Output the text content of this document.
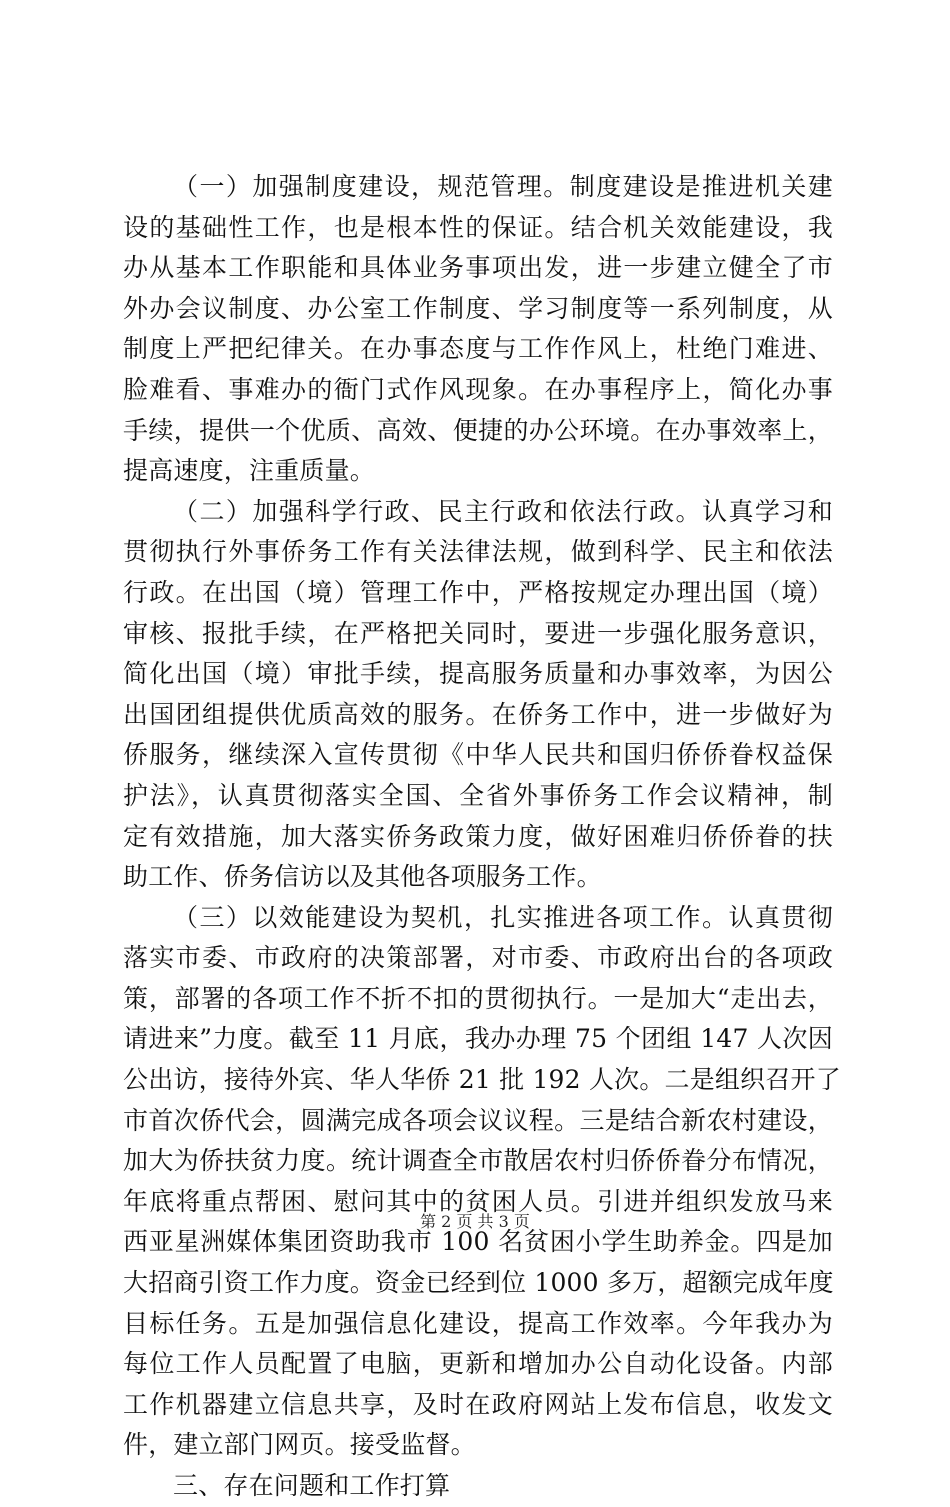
（一）加强制度建设，规范管理。制度建设是推进机关建
设的基础性工作，也是根本性的保证。结合机关效能建设，我
办从基本工作职能和具体业务事项出发，进一步建立健全了市
外办会议制度、办公室工作制度、学习制度等一系列制度，从
制度上严把纪律关。在办事态度与工作作风上，杜绝门难进、
脸难看、事难办的衙门式作风现象。在办事程序上，简化办事
手续，提供一个优质、高效、便捷的办公环境。在办事效率上，
提高速度，注重质量。
（二）加强科学行政、民主行政和依法行政。认真学习和
贯彻执行外事侨务工作有关法律法规，做到科学、民主和依法
行政。在出国（境）管理工作中，严格按规定办理出国（境）
审核、报批手续，在严格把关同时，要进一步强化服务意识，
简化出国（境）审批手续，提高服务质量和办事效率，为因公
出国团组提供优质高效的服务。在侨务工作中，进一步做好为
侨服务，继续深入宣传贯彻《中华人民共和国归侨侨眷权益保
护法》，认真贯彻落实全国、全省外事侨务工作会议精神，制
定有效措施，加大落实侨务政策力度，做好困难归侨侨眷的扶
助工作、侨务信访以及其他各项服务工作。
（三）以效能建设为契机，扎实推进各项工作。认真贯彻
落实市委、市政府的决策部署，对市委、市政府出台的各项政
策，部署的各项工作不折不扣的贯彻执行。一是加大“走出去，
请进来”力度。截至 11 月底，我办办理 75 个团组 147 人次因
公出访，接待外宾、华人华侨 21 批 192 人次。二是组织召开了
市首次侨代会，圆满完成各项会议议程。三是结合新农村建设，
加大为侨扶贫力度。统计调查全市散居农村归侨侨眷分布情况，
年底将重点帮困、慰问其中的贫困人员。引进并组织发放马来
西亚星洲媒体集团资助我市 100 名贫困小学生助养金。四是加
大招商引资工作力度。资金已经到位 1000 多万，超额完成年度
目标任务。五是加强信息化建设，提高工作效率。今年我办为
每位工作人员配置了电脑，更新和增加办公自动化设备。内部
工作机器建立信息共享，及时在政府网站上发布信息，收发文
件，建立部门网页。接受监督。
三、存在问题和工作打算
第 2 页 共 3 页
